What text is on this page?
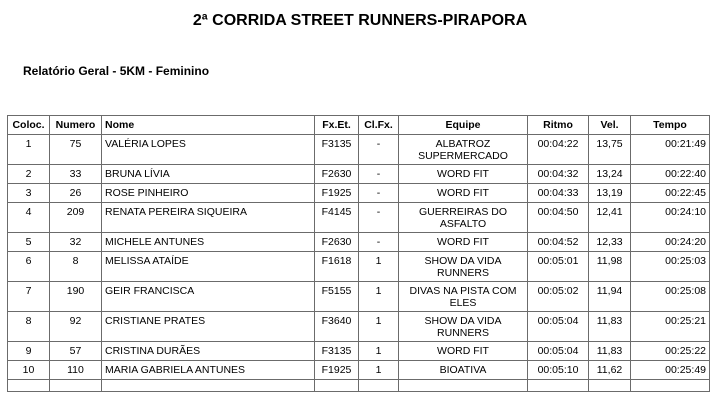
2ª CORRIDA STREET RUNNERS-PIRAPORA
Relatório Geral - 5KM - Feminino
Coloc.	Numero	Nome	Fx.Et.	Cl.Fx.	Equipe	Ritmo	Vel.	Tempo
1	75	VALÉRIA LOPES	F3135	-	ALBATROZ SUPERMERCADO	00:04:22	13,75	00:21:49
2	33	BRUNA LÍVIA	F2630	-	WORD FIT	00:04:32	13,24	00:22:40
3	26	ROSE PINHEIRO	F1925	-	WORD FIT	00:04:33	13,19	00:22:45
4	209	RENATA PEREIRA SIQUEIRA	F4145	-	GUERREIRAS DO ASFALTO	00:04:50	12,41	00:24:10
5	32	MICHELE ANTUNES	F2630	-	WORD FIT	00:04:52	12,33	00:24:20
6	8	MELISSA ATAÍDE	F1618	1	SHOW DA VIDA RUNNERS	00:05:01	11,98	00:25:03
7	190	GEIR FRANCISCA	F5155	1	DIVAS NA PISTA COM ELES	00:05:02	11,94	00:25:08
8	92	CRISTIANE PRATES	F3640	1	SHOW DA VIDA RUNNERS	00:05:04	11,83	00:25:21
9	57	CRISTINA DURÃES	F3135	1	WORD FIT	00:05:04	11,83	00:25:22
10	110	MARIA GABRIELA ANTUNES	F1925	1	BIOATIVA	00:05:10	11,62	00:25:49
